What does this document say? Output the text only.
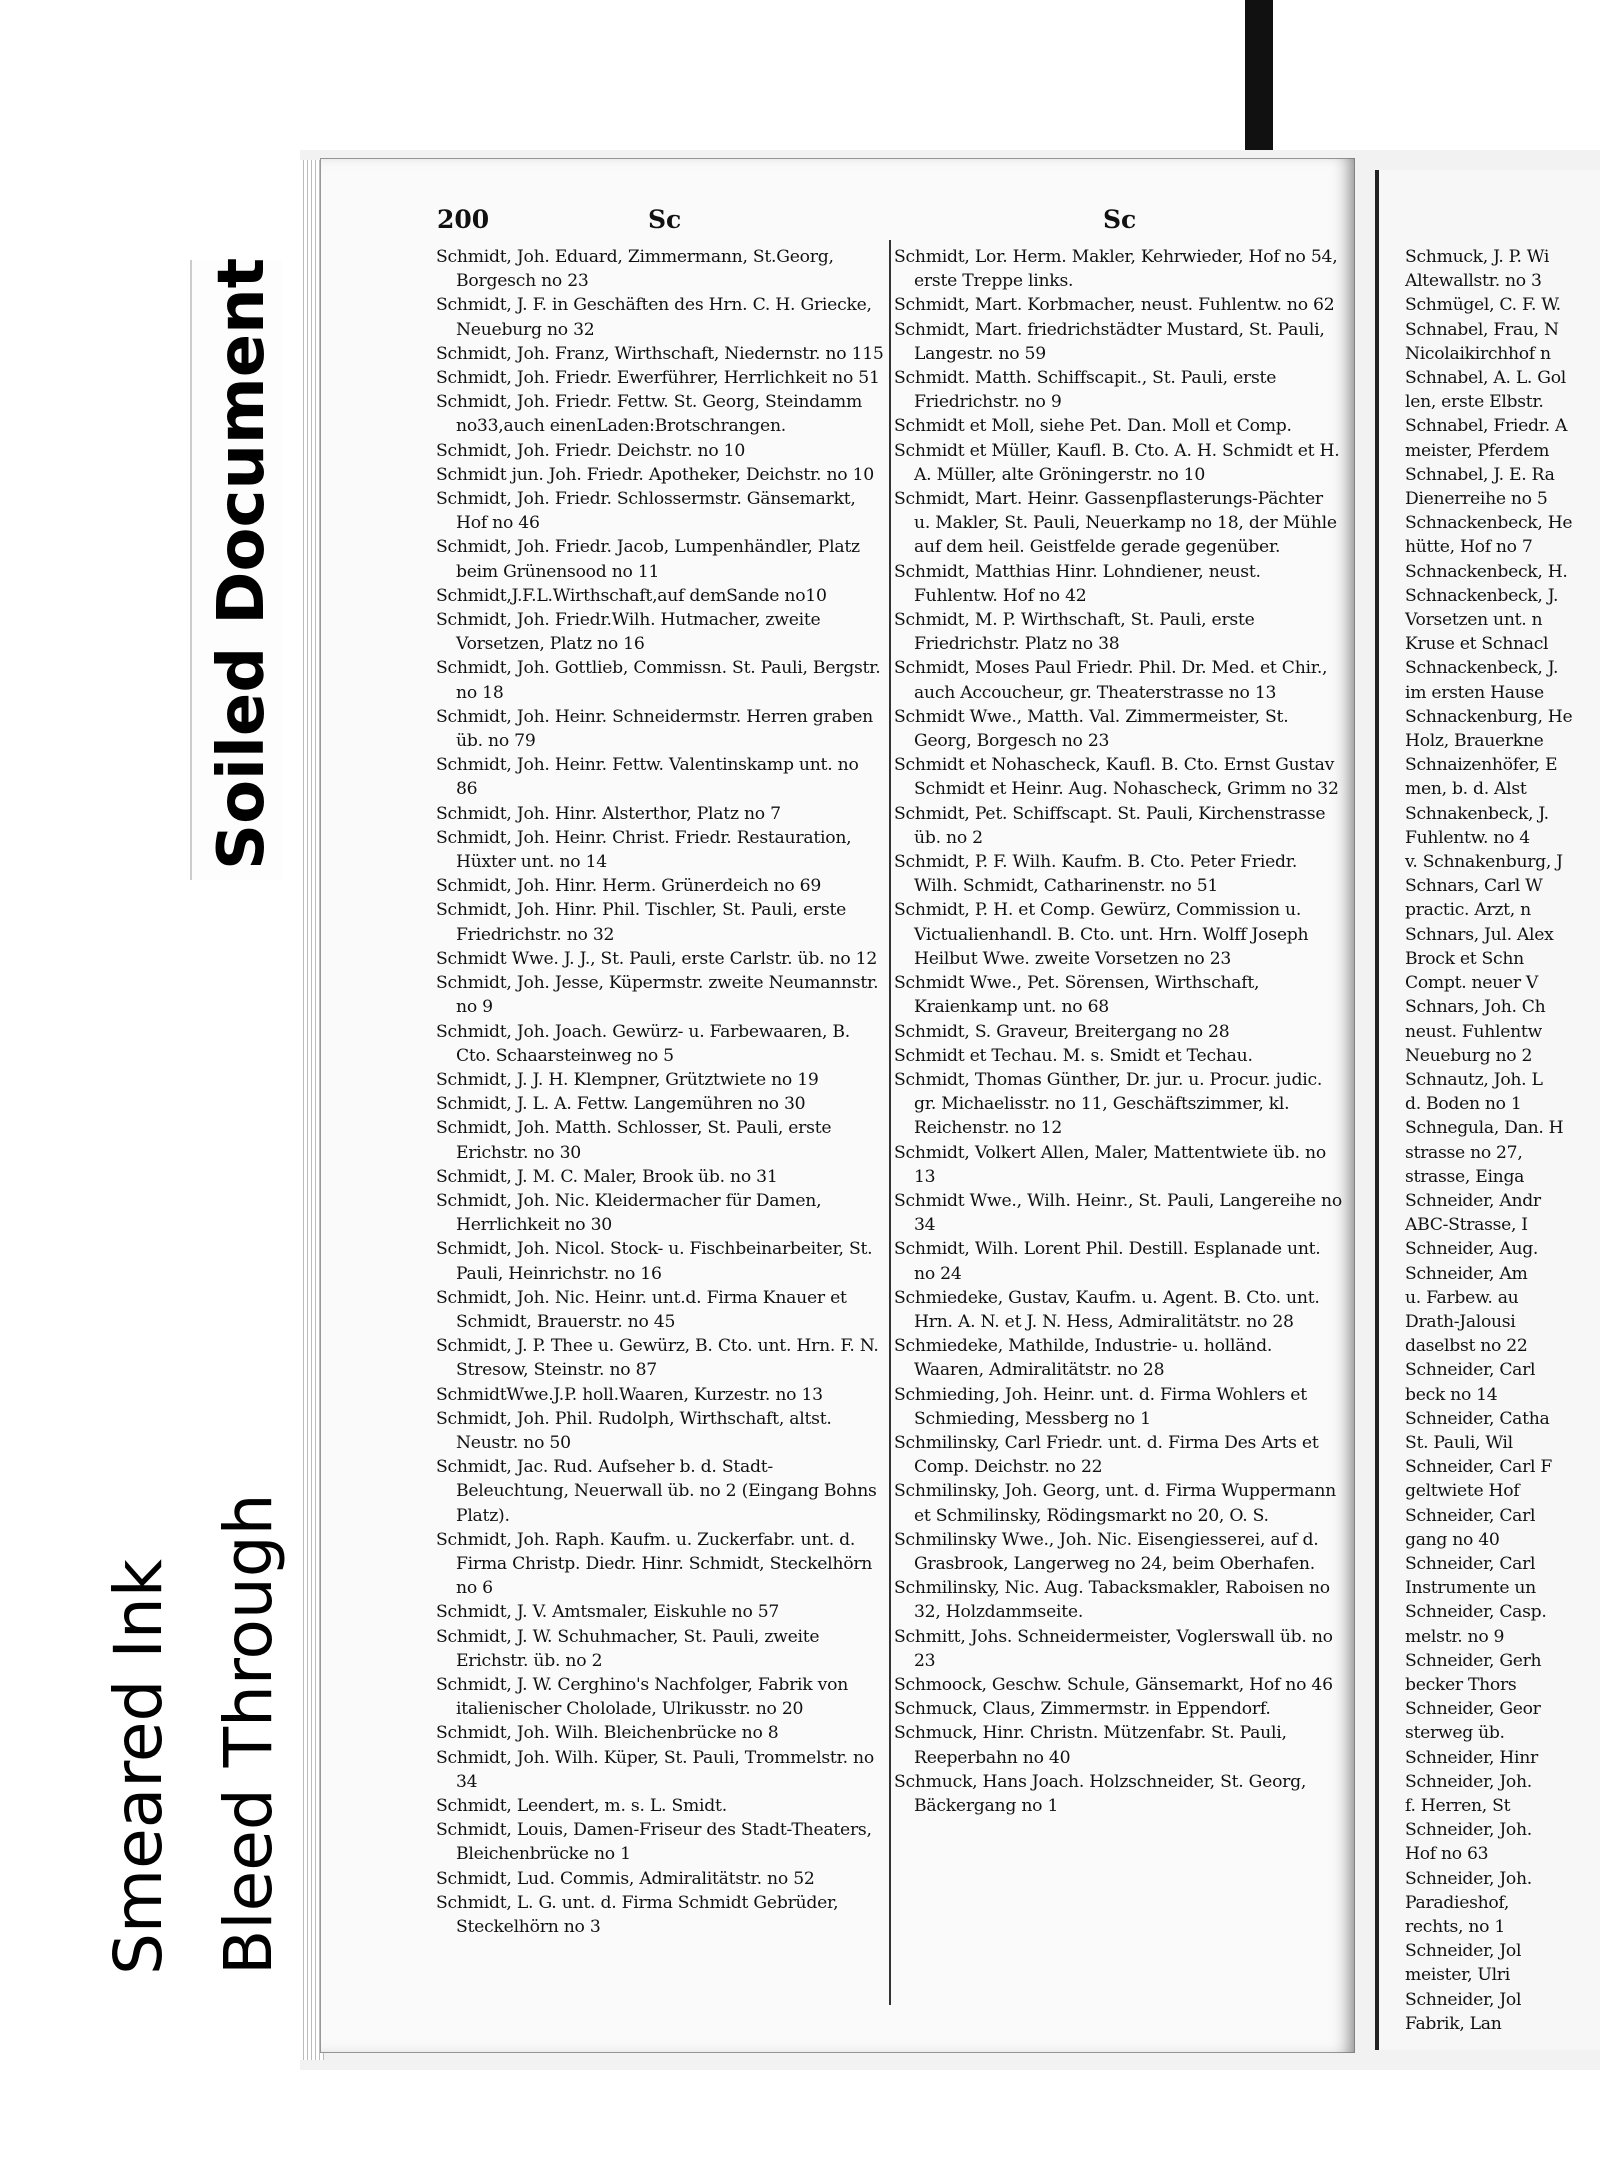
Soiled Document
Smeared Ink Bleed Through
200	Sc	Sc
Schmidt, Joh. Eduard, Zimmermann, St.Georg, Borgesch no 23
Schmidt, J. F. in Geschäften des Hrn. C. H. Griecke, Neueburg no 32
Schmidt, Joh. Franz, Wirthschaft, Niedernstr. no 115
Schmidt, Joh. Friedr. Ewerführer, Herrlichkeit no 51
Schmidt, Joh. Friedr. Fettw. St. Georg, Steindamm no33,auch einenLaden:Brotschrangen.
Schmidt, Joh. Friedr. Deichstr. no 10
Schmidt jun. Joh. Friedr. Apotheker, Deichstr. no 10
Schmidt, Joh. Friedr. Schlossermstr. Gänsemarkt, Hof no 46
Schmidt, Joh. Friedr. Jacob, Lumpenhändler, Platz beim Grünensood no 11
Schmidt,J.F.L.Wirthschaft,auf demSande no10
Schmidt, Joh. Friedr.Wilh. Hutmacher, zweite Vorsetzen, Platz no 16
Schmidt, Joh. Gottlieb, Commissn. St. Pauli, Bergstr. no 18
Schmidt, Joh. Heinr. Schneidermstr. Herren graben üb. no 79
Schmidt, Joh. Heinr. Fettw. Valentinskamp unt. no 86
Schmidt, Joh. Hinr. Alsterthor, Platz no 7
Schmidt, Joh. Heinr. Christ. Friedr. Restauration, Hüxter unt. no 14
Schmidt, Joh. Hinr. Herm. Grünerdeich no 69
Schmidt, Joh. Hinr. Phil. Tischler, St. Pauli, erste Friedrichstr. no 32
Schmidt Wwe. J. J., St. Pauli, erste Carlstr. üb. no 12
Schmidt, Joh. Jesse, Küpermstr. zweite Neumannstr. no 9
Schmidt, Joh. Joach. Gewürz- u. Farbewaaren, B. Cto. Schaarsteinweg no 5
Schmidt, J. J. H. Klempner, Grütztwiete no 19
Schmidt, J. L. A. Fettw. Langemühren no 30
Schmidt, Joh. Matth. Schlosser, St. Pauli, erste Erichstr. no 30
Schmidt, J. M. C. Maler, Brook üb. no 31
Schmidt, Joh. Nic. Kleidermacher für Damen, Herrlichkeit no 30
Schmidt, Joh. Nicol. Stock- u. Fischbeinarbeiter, St. Pauli, Heinrichstr. no 16
Schmidt, Joh. Nic. Heinr. unt.d. Firma Knauer et Schmidt, Brauerstr. no 45
Schmidt, J. P. Thee u. Gewürz, B. Cto. unt. Hrn. F. N. Stresow, Steinstr. no 87
SchmidtWwe.J.P. holl.Waaren, Kurzestr. no 13
Schmidt, Joh. Phil. Rudolph, Wirthschaft, altst. Neustr. no 50
Schmidt, Jac. Rud. Aufseher b. d. Stadt-Beleuchtung, Neuerwall üb. no 2 (Eingang Bohns Platz).
Schmidt, Joh. Raph. Kaufm. u. Zuckerfabr. unt. d. Firma Christp. Diedr. Hinr. Schmidt, Steckelhörn no 6
Schmidt, J. V. Amtsmaler, Eiskuhle no 57
Schmidt, J. W. Schuhmacher, St. Pauli, zweite Erichstr. üb. no 2
Schmidt, J. W. Cerghino's Nachfolger, Fabrik von italienischer Chololade, Ulrikusstr. no 20
Schmidt, Joh. Wilh. Bleichenbrücke no 8
Schmidt, Joh. Wilh. Küper, St. Pauli, Trommelstr. no 34
Schmidt, Leendert, m. s. L. Smidt.
Schmidt, Louis, Damen-Friseur des Stadt-Theaters, Bleichenbrücke no 1
Schmidt, Lud. Commis, Admiralitätstr. no 52
Schmidt, L. G. unt. d. Firma Schmidt Gebrüder, Steckelhörn no 3
Schmidt, Lor. Herm. Makler, Kehrwieder, Hof no 54, erste Treppe links.
Schmidt, Mart. Korbmacher, neust. Fuhlentw. no 62
Schmidt, Mart. friedrichstädter Mustard, St. Pauli, Langestr. no 59
Schmidt. Matth. Schiffscapit., St. Pauli, erste Friedrichstr. no 9
Schmidt et Moll, siehe Pet. Dan. Moll et Comp.
Schmidt et Müller, Kaufl. B. Cto. A. H. Schmidt et H. A. Müller, alte Gröningerstr. no 10
Schmidt, Mart. Heinr. Gassenpflasterungs-Pächter u. Makler, St. Pauli, Neuerkamp no 18, der Mühle auf dem heil. Geistfelde gerade gegenüber.
Schmidt, Matthias Hinr. Lohndiener, neust. Fuhlentw. Hof no 42
Schmidt, M. P. Wirthschaft, St. Pauli, erste Friedrichstr. Platz no 38
Schmidt, Moses Paul Friedr. Phil. Dr. Med. et Chir., auch Accoucheur, gr. Theaterstrasse no 13
Schmidt Wwe., Matth. Val. Zimmermeister, St. Georg, Borgesch no 23
Schmidt et Nohascheck, Kaufl. B. Cto. Ernst Gustav Schmidt et Heinr. Aug. Nohascheck, Grimm no 32
Schmidt, Pet. Schiffscapt. St. Pauli, Kirchenstrasse üb. no 2
Schmidt, P. F. Wilh. Kaufm. B. Cto. Peter Friedr. Wilh. Schmidt, Catharinenstr. no 51
Schmidt, P. H. et Comp. Gewürz, Commission u. Victualienhandl. B. Cto. unt. Hrn. Wolff Joseph Heilbut Wwe. zweite Vorsetzen no 23
Schmidt Wwe., Pet. Sörensen, Wirthschaft, Kraienkamp unt. no 68
Schmidt, S. Graveur, Breitergang no 28
Schmidt et Techau. M. s. Smidt et Techau.
Schmidt, Thomas Günther, Dr. jur. u. Procur. judic. gr. Michaelisstr. no 11, Geschäftszimmer, kl. Reichenstr. no 12
Schmidt, Volkert Allen, Maler, Mattentwiete üb. no 13
Schmidt Wwe., Wilh. Heinr., St. Pauli, Langereihe no 34
Schmidt, Wilh. Lorent Phil. Destill. Esplanade unt. no 24
Schmiedeke, Gustav, Kaufm. u. Agent. B. Cto. unt. Hrn. A. N. et J. N. Hess, Admiralitätstr. no 28
Schmiedeke, Mathilde, Industrie- u. holländ. Waaren, Admiralitätstr. no 28
Schmieding, Joh. Heinr. unt. d. Firma Wohlers et Schmieding, Messberg no 1
Schmilinsky, Carl Friedr. unt. d. Firma Des Arts et Comp. Deichstr. no 22
Schmilinsky, Joh. Georg, unt. d. Firma Wuppermann et Schmilinsky, Rödingsmarkt no 20, O. S.
Schmilinsky Wwe., Joh. Nic. Eisengiesserei, auf d. Grasbrook, Langerweg no 24, beim Oberhafen.
Schmilinsky, Nic. Aug. Tabacksmakler, Raboisen no 32, Holzdammseite.
Schmitt, Johs. Schneidermeister, Voglerswall üb. no 23
Schmoock, Geschw. Schule, Gänsemarkt, Hof no 46
Schmuck, Claus, Zimmermstr. in Eppendorf.
Schmuck, Hinr. Christn. Mützenfabr. St. Pauli, Reeperbahn no 40
Schmuck, Hans Joach. Holzschneider, St. Georg, Bäckergang no 1
Schmuck, J. P. Wi
Altewallstr. no 3
Schmügel, C. F. W.
Schnabel, Frau, N
Nicolaikirchhof n
Schnabel, A. L. Gol
len, erste Elbstr.
Schnabel, Friedr. A
meister, Pferdem
Schnabel, J. E. Ra
Dienerreihe no 5
Schnackenbeck, He
hütte, Hof no 7
Schnackenbeck, H.
Schnackenbeck, J.
Vorsetzen unt. n
Kruse et Schnacl
Schnackenbeck, J.
im ersten Hause
Schnackenburg, He
Holz, Brauerkne
Schnaizenhöfer, E
men, b. d. Alst
Schnakenbeck, J.
Fuhlentw. no 4
v. Schnakenburg, J
Schnars, Carl W
practic. Arzt, n
Schnars, Jul. Alex
Brock et Schn
Compt. neuer V
Schnars, Joh. Ch
neust. Fuhlentw
Neueburg no 2
Schnautz, Joh. L
d. Boden no 1
Schnegula, Dan. H
strasse no 27,
strasse, Einga
Schneider, Andr
ABC-Strasse, I
Schneider, Aug.
Schneider, Am
u. Farbew. au
Drath-Jalousi
daselbst no 22
Schneider, Carl
beck no 14
Schneider, Catha
St. Pauli, Wil
Schneider, Carl F
geltwiete Hof
Schneider, Carl
gang no 40
Schneider, Carl
Instrumente un
Schneider, Casp.
melstr. no 9
Schneider, Gerh
becker Thors
Schneider, Geor
sterweg üb.
Schneider, Hinr
Schneider, Joh.
f. Herren, St
Schneider, Joh.
Hof no 63
Schneider, Joh.
Paradieshof,
rechts, no 1
Schneider, Jol
meister, Ulri
Schneider, Jol
Fabrik, Lan
